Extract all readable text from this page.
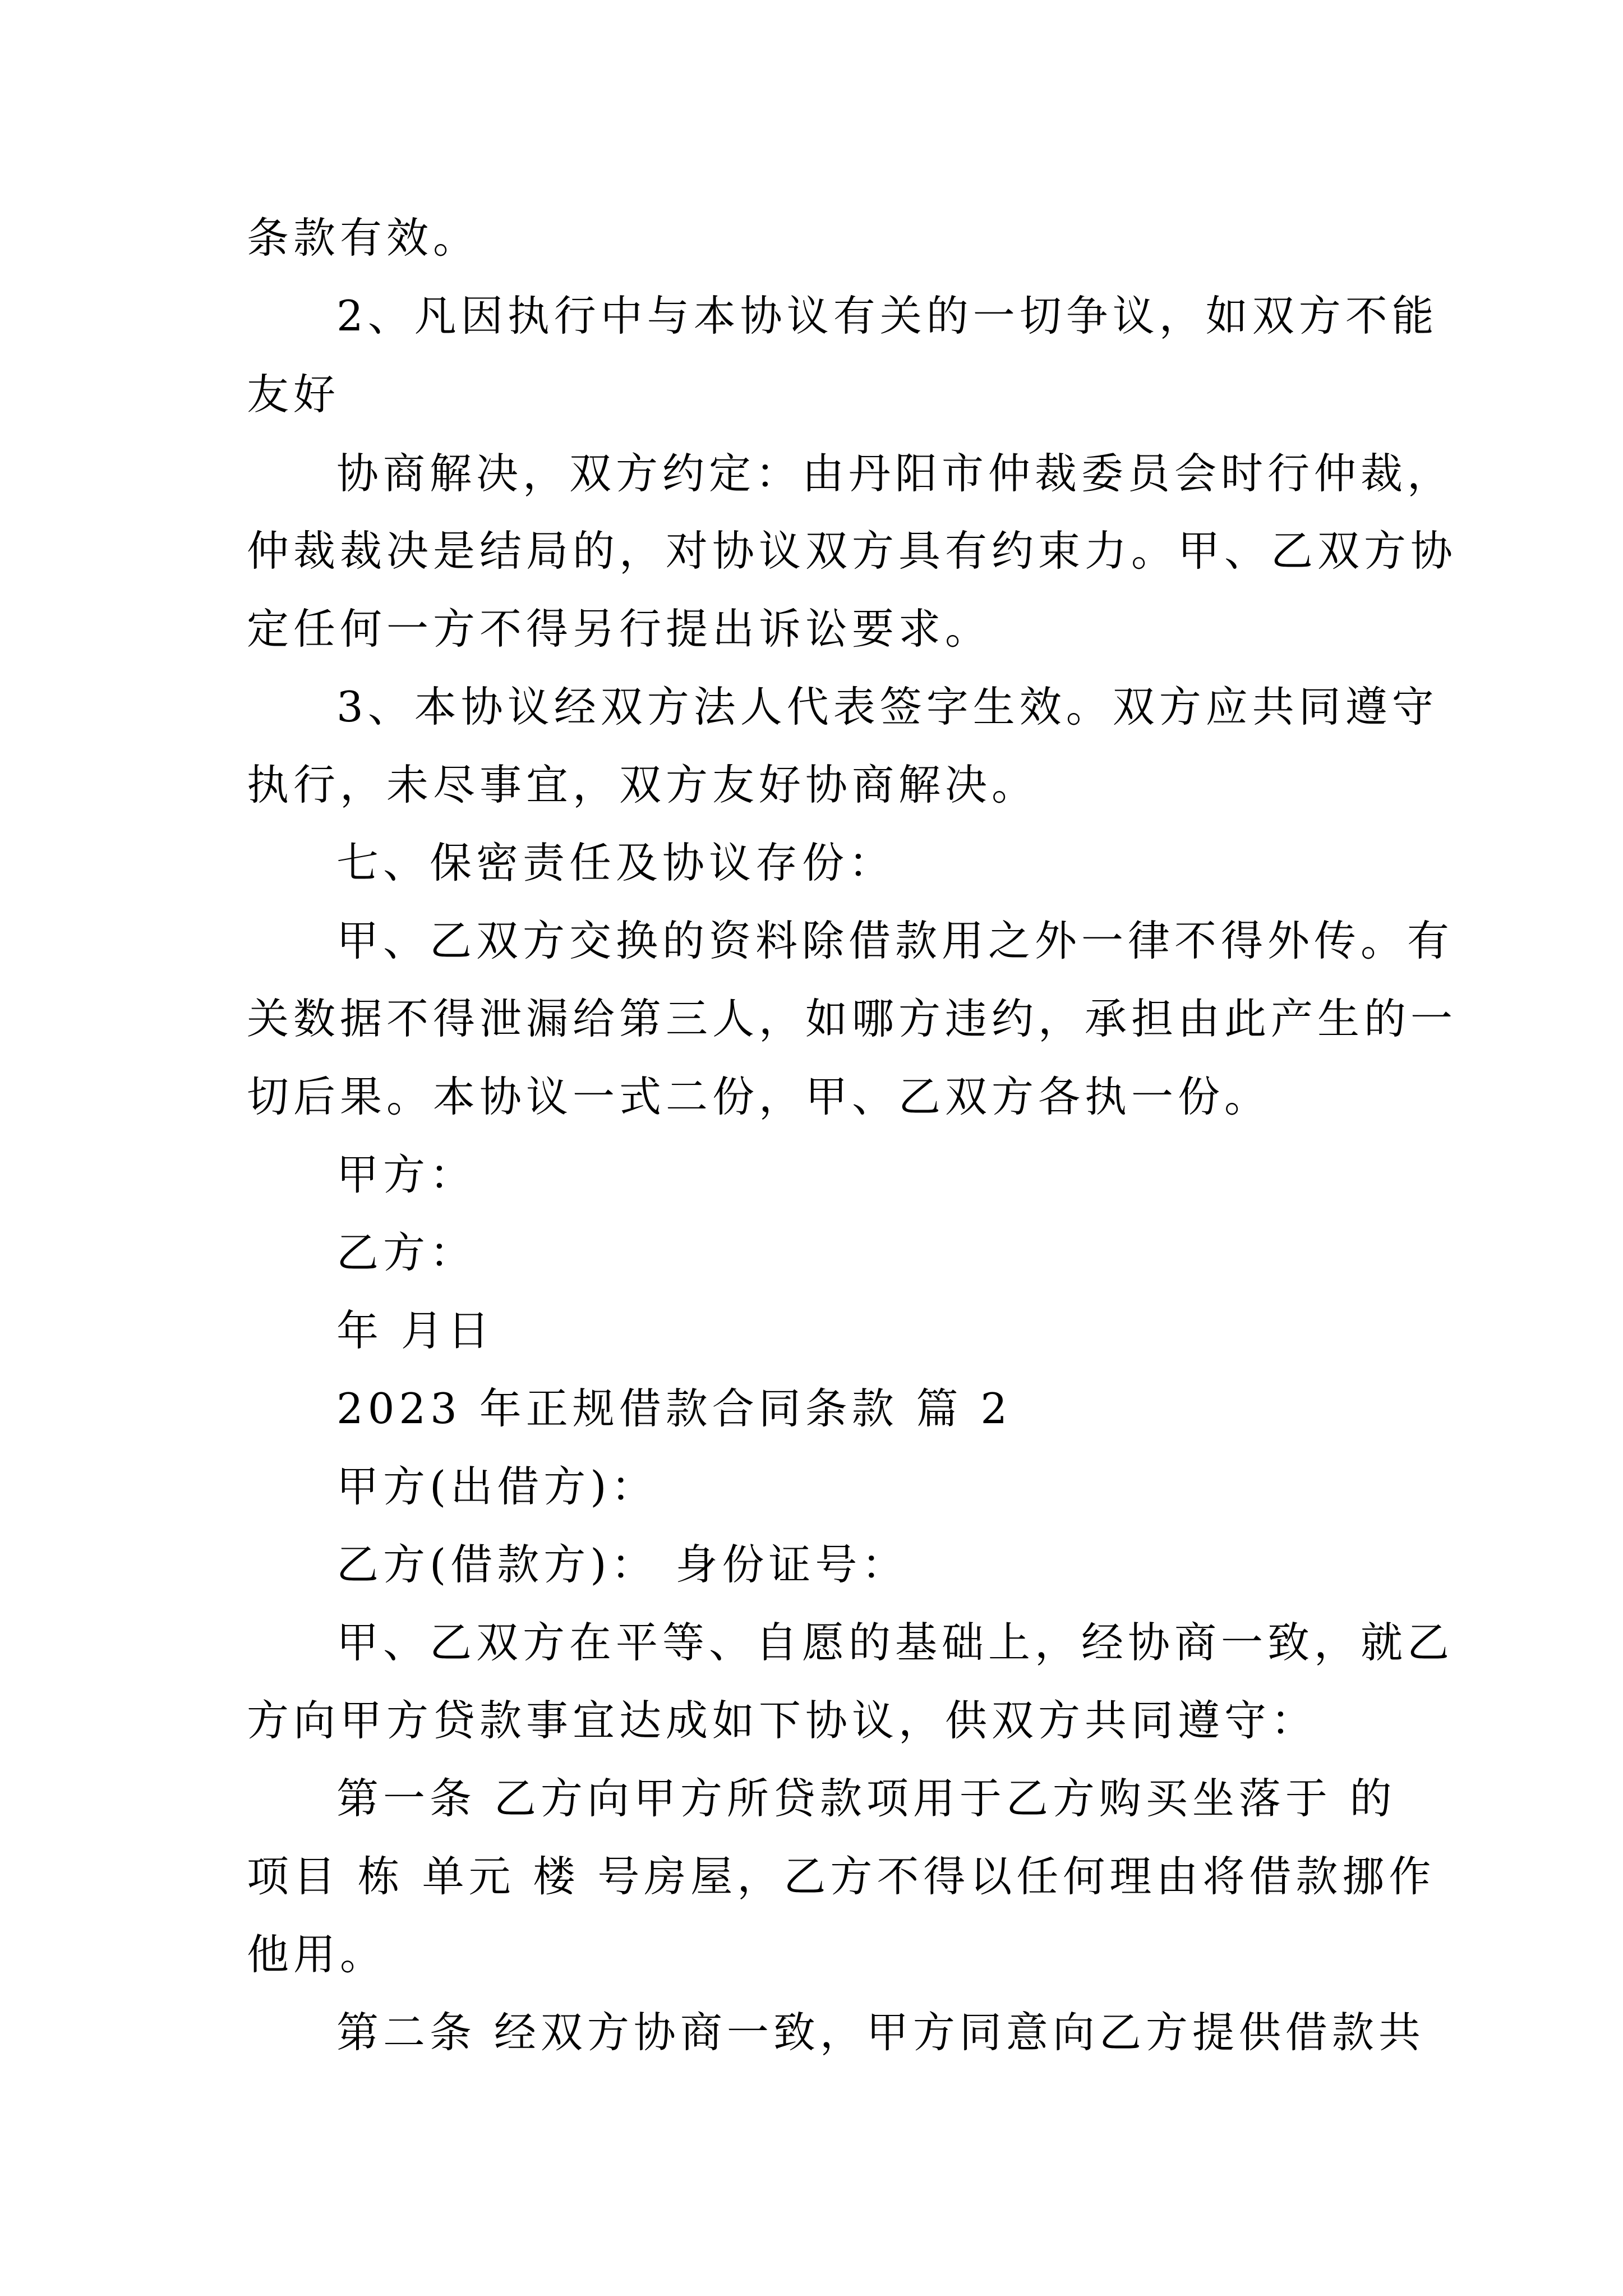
条款有效。
2、凡因执行中与本协议有关的一切争议，如双方不能
友好
协商解决，双方约定：由丹阳市仲裁委员会时行仲裁，
仲裁裁决是结局的，对协议双方具有约束力。甲、乙双方协
定任何一方不得另行提出诉讼要求。
3、本协议经双方法人代表签字生效。双方应共同遵守
执行，未尽事宜，双方友好协商解决。
七、保密责任及协议存份：
甲、乙双方交换的资料除借款用之外一律不得外传。有
关数据不得泄漏给第三人，如哪方违约，承担由此产生的一
切后果。本协议一式二份，甲、乙双方各执一份。
甲方：
乙方：
年 月日
2023 年正规借款合同条款 篇 2
甲方(出借方)：
乙方(借款方)： 身份证号：
甲、乙双方在平等、自愿的基础上，经协商一致，就乙
方向甲方贷款事宜达成如下协议，供双方共同遵守：
第一条 乙方向甲方所贷款项用于乙方购买坐落于 的
项目 栋 单元 楼 号房屋，乙方不得以任何理由将借款挪作
他用。
第二条 经双方协商一致，甲方同意向乙方提供借款共
